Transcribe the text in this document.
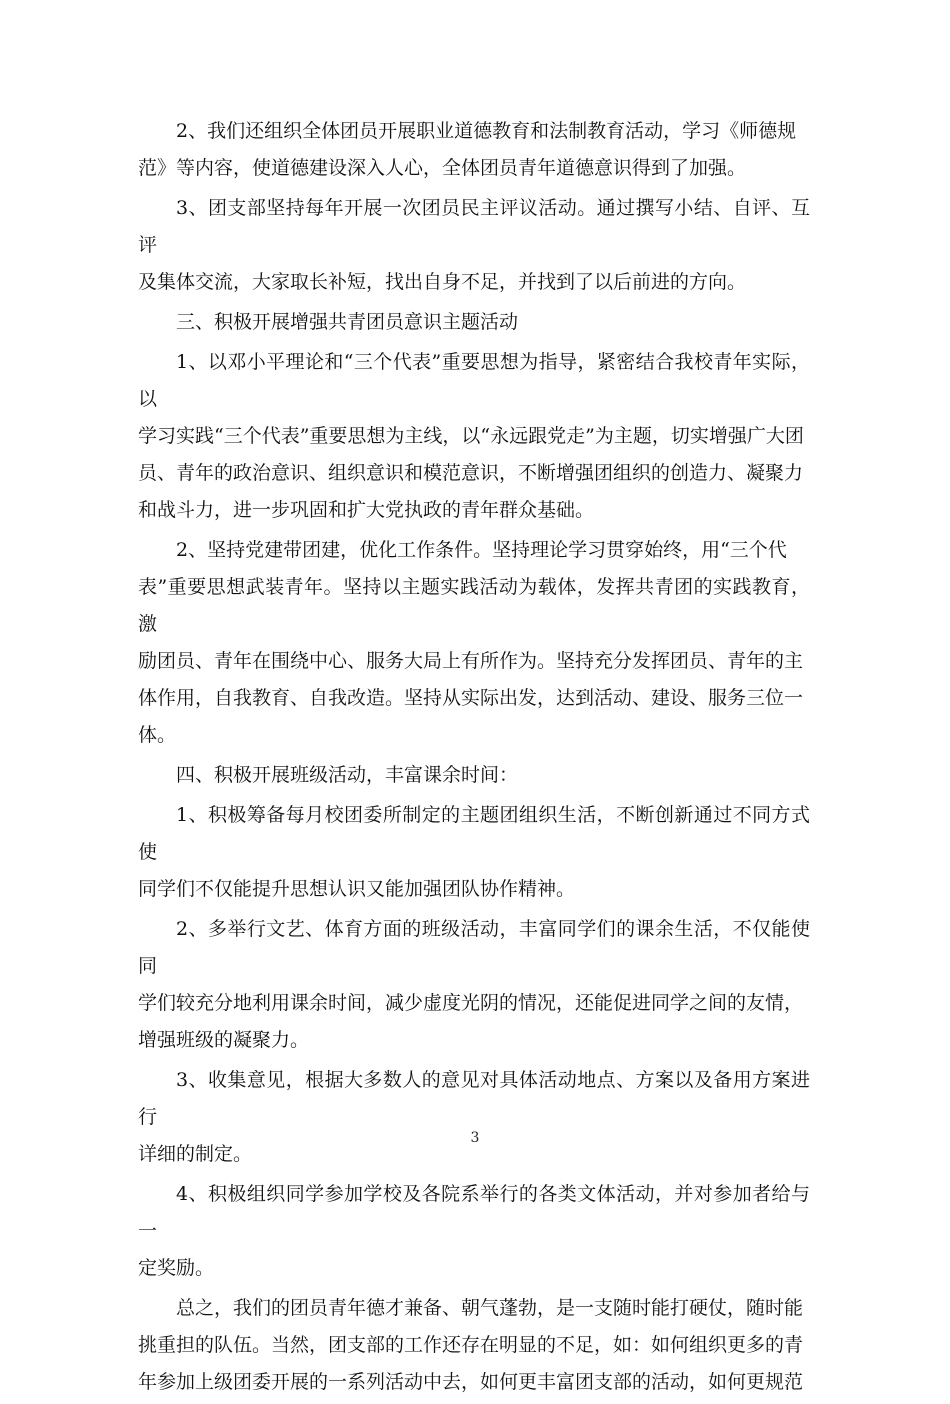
2、我们还组织全体团员开展职业道德教育和法制教育活动，学习《师德规
范》等内容，使道德建设深入人心，全体团员青年道德意识得到了加强。
3、团支部坚持每年开展一次团员民主评议活动。通过撰写小结、自评、互评
及集体交流，大家取长补短，找出自身不足，并找到了以后前进的方向。
三、积极开展增强共青团员意识主题活动
1、以邓小平理论和“三个代表”重要思想为指导，紧密结合我校青年实际，以
学习实践“三个代表”重要思想为主线，以“永远跟党走”为主题，切实增强广大团
员、青年的政治意识、组织意识和模范意识，不断增强团组织的创造力、凝聚力
和战斗力，进一步巩固和扩大党执政的青年群众基础。
2、坚持党建带团建，优化工作条件。坚持理论学习贯穿始终，用“三个代
表”重要思想武装青年。坚持以主题实践活动为载体，发挥共青团的实践教育，激
励团员、青年在围绕中心、服务大局上有所作为。坚持充分发挥团员、青年的主
体作用，自我教育、自我改造。坚持从实际出发，达到活动、建设、服务三位一
体。
四、积极开展班级活动，丰富课余时间：
1、积极筹备每月校团委所制定的主题团组织生活，不断创新通过不同方式使
同学们不仅能提升思想认识又能加强团队协作精神。
2、多举行文艺、体育方面的班级活动，丰富同学们的课余生活，不仅能使同
学们较充分地利用课余时间，减少虚度光阴的情况，还能促进同学之间的友情，
增强班级的凝聚力。
3、收集意见，根据大多数人的意见对具体活动地点、方案以及备用方案进行
详细的制定。
4、积极组织同学参加学校及各院系举行的各类文体活动，并对参加者给与一
定奖励。
总之，我们的团员青年德才兼备、朝气蓬勃，是一支随时能打硬仗，随时能
挑重担的队伍。当然，团支部的工作还存在明显的不足，如：如何组织更多的青
年参加上级团委开展的一系列活动中去，如何更丰富团支部的活动，如何更规范
3
